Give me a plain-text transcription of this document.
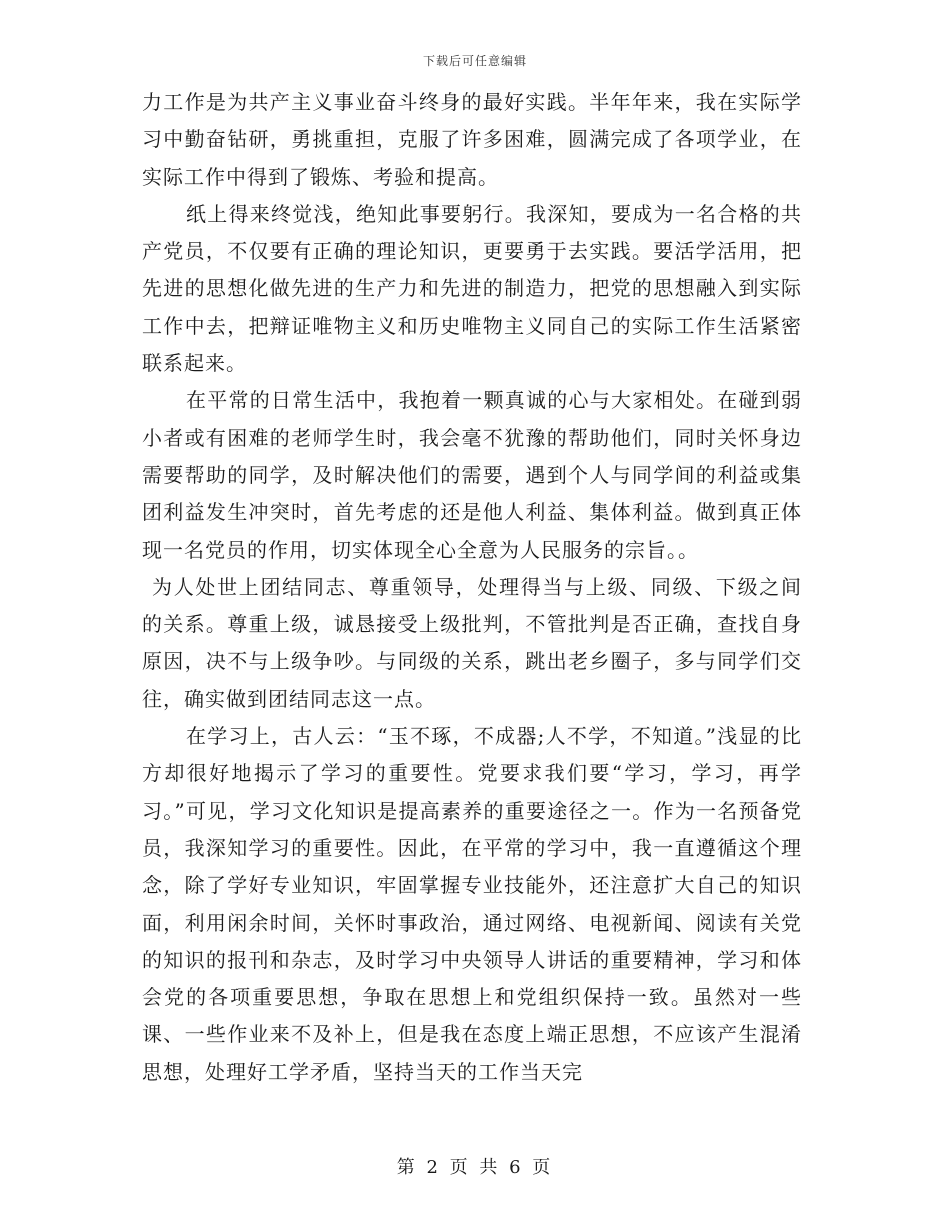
下载后可任意编辑

力工作是为共产主义事业奋斗终身的最好实践。半年年来，我在实际学习中勤奋钻研，勇挑重担，克服了许多困难，圆满完成了各项学业，在实际工作中得到了锻炼、考验和提高。

纸上得来终觉浅，绝知此事要躬行。我深知，要成为一名合格的共产党员，不仅要有正确的理论知识，更要勇于去实践。要活学活用，把先进的思想化做先进的生产力和先进的制造力，把党的思想融入到实际工作中去，把辩证唯物主义和历史唯物主义同自己的实际工作生活紧密联系起来。

在平常的日常生活中，我抱着一颗真诚的心与大家相处。在碰到弱小者或有困难的老师学生时，我会毫不犹豫的帮助他们，同时关怀身边需要帮助的同学，及时解决他们的需要，遇到个人与同学间的利益或集团利益发生冲突时，首先考虑的还是他人利益、集体利益。做到真正体现一名党员的作用，切实体现全心全意为人民服务的宗旨。。

为人处世上团结同志、尊重领导，处理得当与上级、同级、下级之间的关系。尊重上级，诚恳接受上级批判，不管批判是否正确，查找自身原因，决不与上级争吵。与同级的关系，跳出老乡圈子，多与同学们交往，确实做到团结同志这一点。

在学习上，古人云：“玉不琢，不成器;人不学，不知道。”浅显的比方却很好地揭示了学习的重要性。党要求我们要“学习，学习，再学习。”可见，学习文化知识是提高素养的重要途径之一。作为一名预备党员，我深知学习的重要性。因此，在平常的学习中，我一直遵循这个理念，除了学好专业知识，牢固掌握专业技能外，还注意扩大自己的知识面，利用闲余时间，关怀时事政治，通过网络、电视新闻、阅读有关党的知识的报刊和杂志，及时学习中央领导人讲话的重要精神，学习和体会党的各项重要思想，争取在思想上和党组织保持一致。虽然对一些课、一些作业来不及补上，但是我在态度上端正思想，不应该产生混淆思想，处理好工学矛盾，坚持当天的工作当天完

第 2 页 共 6 页
